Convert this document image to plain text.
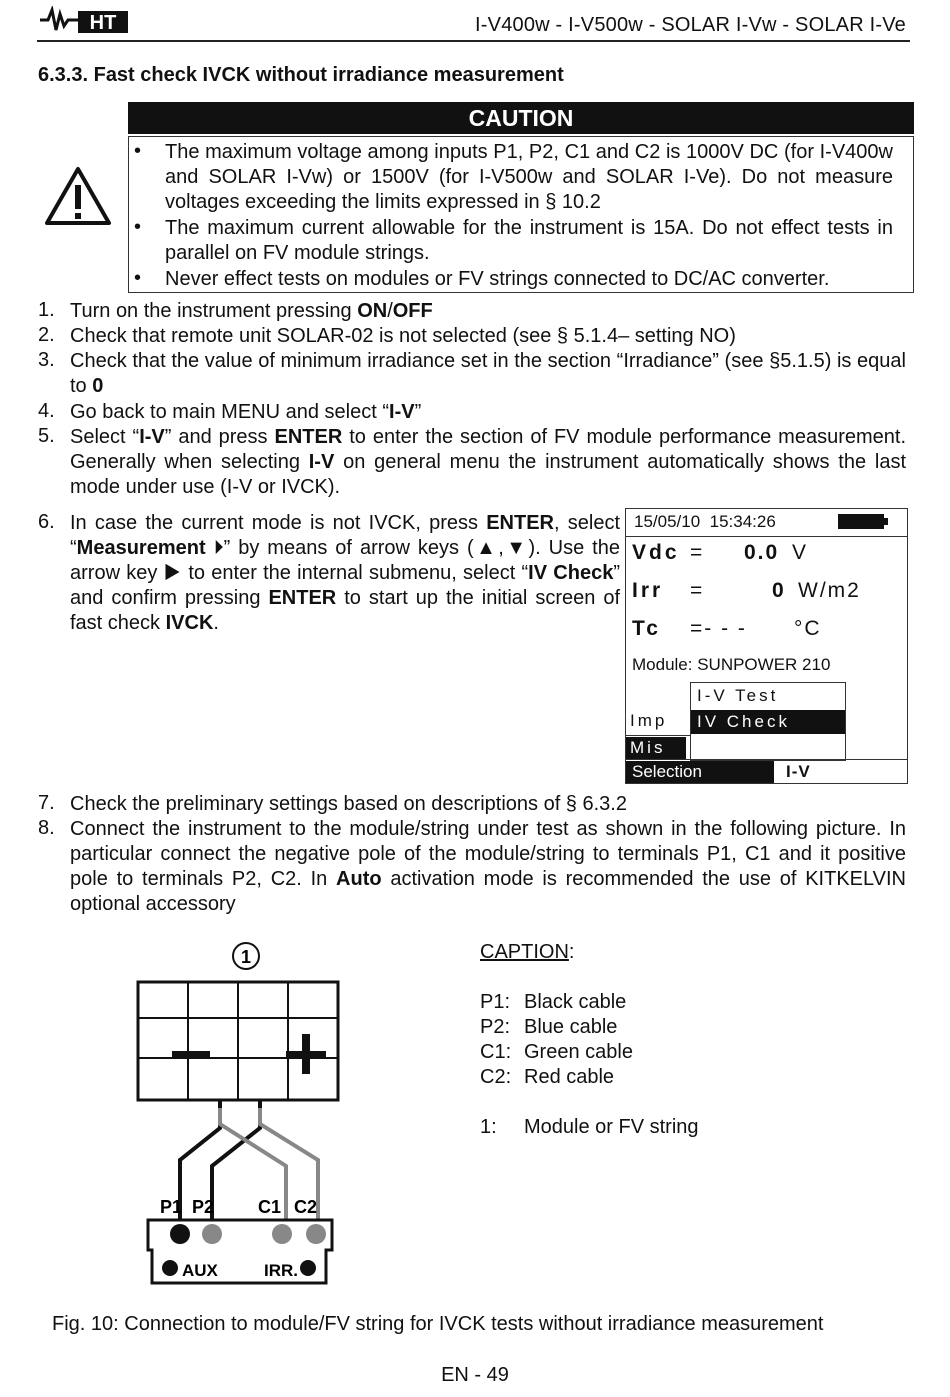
HT	I-V400w - I-V500w - SOLAR I-Vw - SOLAR I-Ve
6.3.3. Fast check IVCK without irradiance measurement
CAUTION
• The maximum voltage among inputs P1, P2, C1 and C2 is 1000V DC (for I-V400w and SOLAR I-Vw) or 1500V (for I-V500w and SOLAR I-Ve). Do not measure voltages exceeding the limits expressed in § 10.2
• The maximum current allowable for the instrument is 15A. Do not effect tests in parallel on FV module strings.
• Never effect tests on modules or FV strings connected to DC/AC converter.
1. Turn on the instrument pressing ON/OFF
2. Check that remote unit SOLAR-02 is not selected (see § 5.1.4– setting NO)
3. Check that the value of minimum irradiance set in the section “Irradiance” (see §5.1.5) is equal to 0
4. Go back to main MENU and select “I-V”
5. Select “I-V” and press ENTER to enter the section of FV module performance measurement. Generally when selecting I-V on general menu the instrument automatically shows the last mode under use (I-V or IVCK).
6. In case the current mode is not IVCK, press ENTER, select “Measurement ⏵” by means of arrow keys (▲,▼). Use the arrow key ▶ to enter the internal submenu, select “IV Check” and confirm pressing ENTER to start up the initial screen of fast check IVCK.
15/05/10 15:34:26
Vdc = 0.0 V
Irr =	0 W/m2
Tc =- - - °C
Module: SUNPOWER 210
Imp
Mis
I-V Test
IV Check
Selection	I-V
7. Check the preliminary settings based on descriptions of § 6.3.2
8. Connect the instrument to the module/string under test as shown in the following picture. In particular connect the negative pole of the module/string to terminals P1, C1 and it positive pole to terminals P2, C2. In Auto activation mode is recommended the use of KITKELVIN optional accessory
1
P1 P2 C1 C2
AUX	IRR.
CAPTION:
P1: Black cable
P2: Blue cable
C1: Green cable
C2: Red cable
1: Module or FV string
Fig. 10: Connection to module/FV string for IVCK tests without irradiance measurement
EN - 49
